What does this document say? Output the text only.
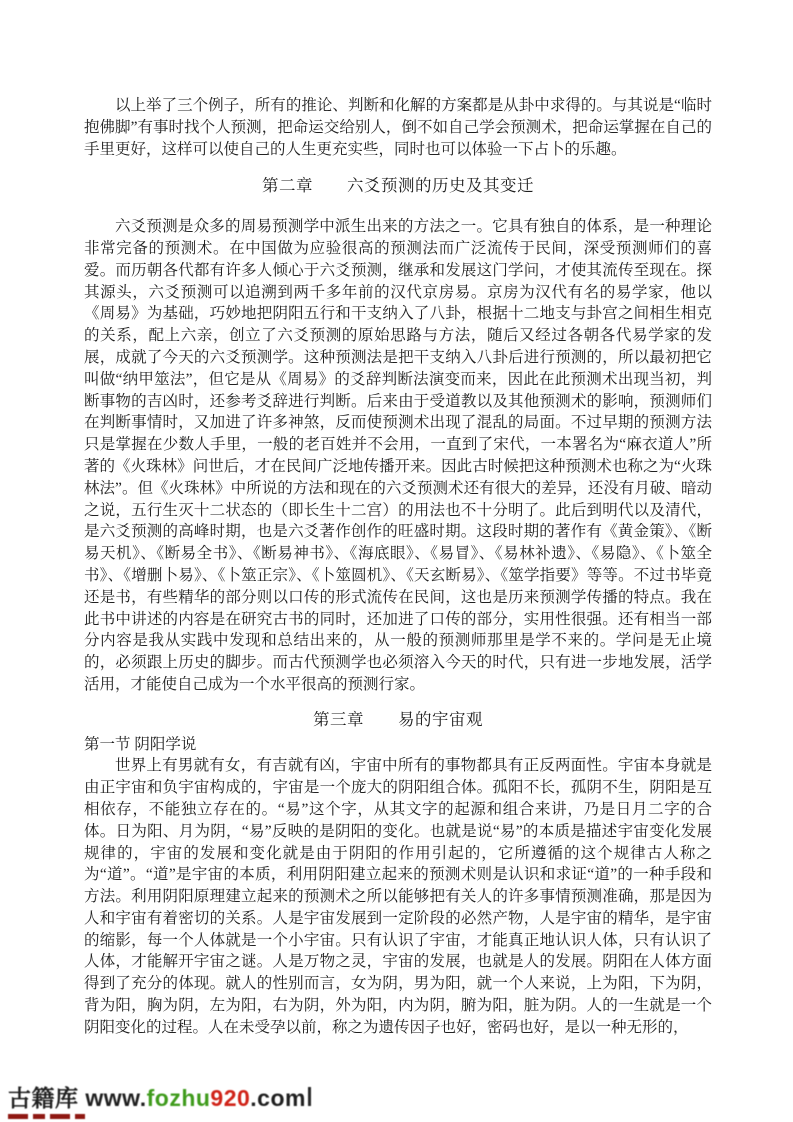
以上举了三个例子，所有的推论、判断和化解的方案都是从卦中求得的。与其说是“临时抱佛脚”有事时找个人预测，把命运交给别人，倒不如自己学会预测术，把命运掌握在自己的手里更好，这样可以使自己的人生更充实些，同时也可以体验一下占卜的乐趣。

第二章　　六爻预测的历史及其变迁

六爻预测是众多的周易预测学中派生出来的方法之一。它具有独自的体系，是一种理论非常完备的预测术。在中国做为应验很高的预测法而广泛流传于民间，深受预测师们的喜爱。而历朝各代都有许多人倾心于六爻预测，继承和发展这门学问，才使其流传至现在。探其源头，六爻预测可以追溯到两千多年前的汉代京房易。京房为汉代有名的易学家，他以《周易》为基础，巧妙地把阴阳五行和干支纳入了八卦，根据十二地支与卦宫之间相生相克的关系，配上六亲，创立了六爻预测的原始思路与方法，随后又经过各朝各代易学家的发展，成就了今天的六爻预测学。这种预测法是把干支纳入八卦后进行预测的，所以最初把它叫做“纳甲筮法”，但它是从《周易》的爻辞判断法演变而来，因此在此预测术出现当初，判断事物的吉凶时，还参考爻辞进行判断。后来由于受道教以及其他预测术的影响，预测师们在判断事情时，又加进了许多神煞，反而使预测术出现了混乱的局面。不过早期的预测方法只是掌握在少数人手里，一般的老百姓并不会用，一直到了宋代，一本署名为“麻衣道人”所著的《火珠林》问世后，才在民间广泛地传播开来。因此古时候把这种预测术也称之为“火珠林法”。但《火珠林》中所说的方法和现在的六爻预测术还有很大的差异，还没有月破、暗动之说，五行生灭十二状态的（即长生十二宫）的用法也不十分明了。此后到明代以及清代，是六爻预测的高峰时期，也是六爻著作创作的旺盛时期。这段时期的著作有《黄金策》、《断易天机》、《断易全书》、《断易神书》、《海底眼》、《易冒》、《易林补遗》、《易隐》、《卜筮全书》、《增删卜易》、《卜筮正宗》、《卜筮圆机》、《天玄断易》、《筮学指要》等等。不过书毕竟还是书，有些精华的部分则以口传的形式流传在民间，这也是历来预测学传播的特点。我在此书中讲述的内容是在研究古书的同时，还加进了口传的部分，实用性很强。还有相当一部分内容是我从实践中发现和总结出来的，从一般的预测师那里是学不来的。学问是无止境的，必须跟上历史的脚步。而古代预测学也必须溶入今天的时代，只有进一步地发展，活学活用，才能使自己成为一个水平很高的预测行家。

第三章　　易的宇宙观

第一节 阴阳学说

世界上有男就有女，有吉就有凶，宇宙中所有的事物都具有正反两面性。宇宙本身就是由正宇宙和负宇宙构成的，宇宙是一个庞大的阴阳组合体。孤阳不长，孤阴不生，阴阳是互相依存，不能独立存在的。“易”这个字，从其文字的起源和组合来讲，乃是日月二字的合体。日为阳、月为阴，“易”反映的是阴阳的变化。也就是说“易”的本质是描述宇宙变化发展规律的，宇宙的发展和变化就是由于阴阳的作用引起的，它所遵循的这个规律古人称之为“道”。“道”是宇宙的本质，利用阴阳建立起来的预测术则是认识和求证“道”的一种手段和方法。利用阴阳原理建立起来的预测术之所以能够把有关人的许多事情预测准确，那是因为人和宇宙有着密切的关系。人是宇宙发展到一定阶段的必然产物，人是宇宙的精华，是宇宙的缩影，每一个人体就是一个小宇宙。只有认识了宇宙，才能真正地认识人体，只有认识了人体，才能解开宇宙之谜。人是万物之灵，宇宙的发展，也就是人的发展。阴阳在人体方面得到了充分的体现。就人的性别而言，女为阴，男为阳，就一个人来说，上为阳，下为阴，背为阳，胸为阴，左为阳，右为阴，外为阳，内为阴，腑为阳，脏为阴。人的一生就是一个阴阳变化的过程。人在未受孕以前，称之为遗传因子也好，密码也好，是以一种无形的，

古籍库 www.fozhu920.com
